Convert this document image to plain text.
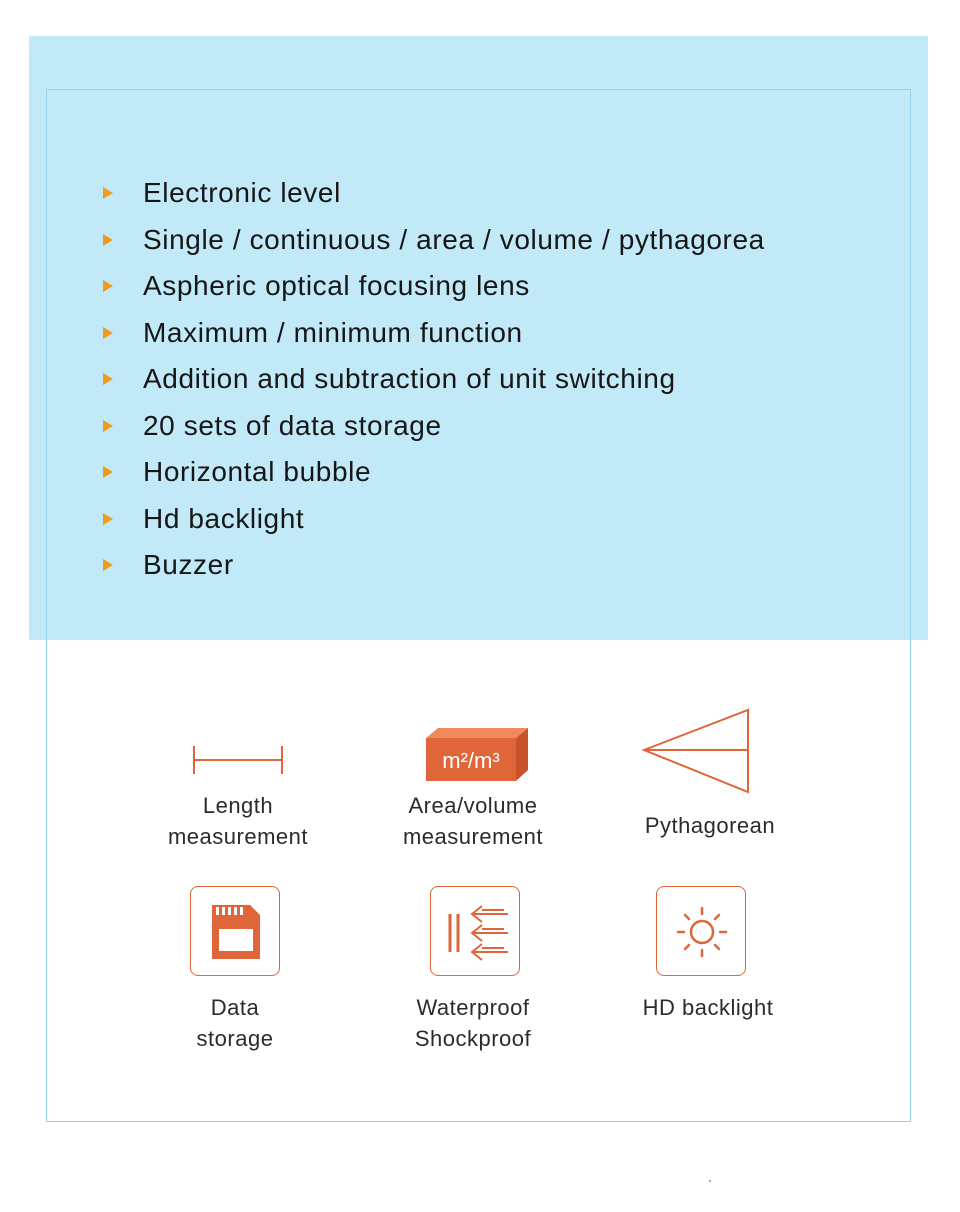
Electronic level
Single / continuous / area / volume / pythagorea
Aspheric optical focusing lens
Maximum / minimum function
Addition and subtraction of unit switching
20 sets of data storage
Horizontal bubble
Hd backlight
Buzzer
Length
measurement
m²/m³
Area/volume
measurement	Pythagorean
Data
storage
Waterproof
Shockproof
HD backlight
